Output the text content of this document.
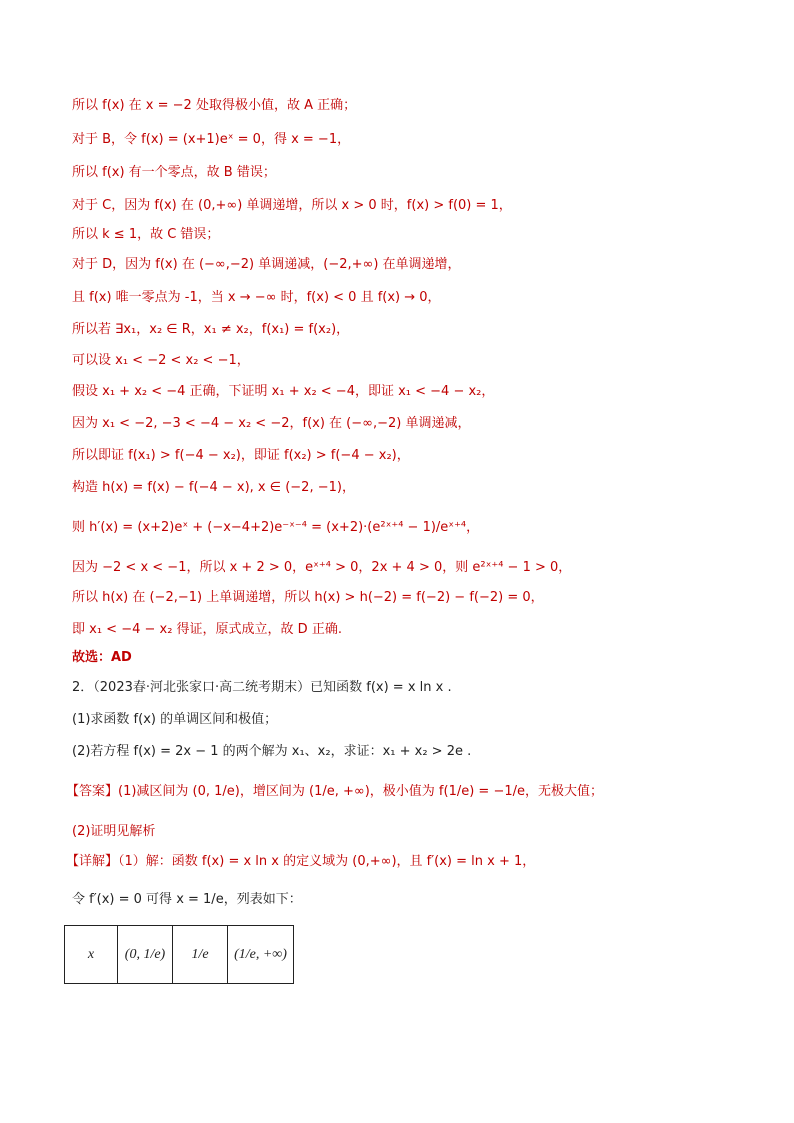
所以 f(x) 在 x = −2 处取得极小值，故 A 正确；
对于 B，令 f(x) = (x+1)eˣ = 0，得 x = −1，
所以 f(x) 有一个零点，故 B 错误；
对于 C，因为 f(x) 在 (0,+∞) 单调递增，所以 x > 0 时，f(x) > f(0) = 1，
所以 k ≤ 1，故 C 错误；
对于 D，因为 f(x) 在 (−∞,−2) 单调递减，(−2,+∞) 在单调递增，
且 f(x) 唯一零点为 -1，当 x → −∞ 时，f(x) < 0 且 f(x) → 0，
所以若 ∃x₁，x₂ ∈ R，x₁ ≠ x₂，f(x₁) = f(x₂)，
可以设 x₁ < −2 < x₂ < −1，
假设 x₁ + x₂ < −4 正确，下证明 x₁ + x₂ < −4，即证 x₁ < −4 − x₂，
因为 x₁ < −2, −3 < −4 − x₂ < −2，f(x) 在 (−∞,−2) 单调递减，
所以即证 f(x₁) > f(−4 − x₂)，即证 f(x₂) > f(−4 − x₂)，
构造 h(x) = f(x) − f(−4 − x), x ∈ (−2, −1)，
则 h′(x) = (x+2)eˣ + (−x−4+2)e⁻ˣ⁻⁴ = (x+2)·(e²ˣ⁺⁴ − 1)/eˣ⁺⁴，
因为 −2 < x < −1，所以 x + 2 > 0，eˣ⁺⁴ > 0，2x + 4 > 0，则 e²ˣ⁺⁴ − 1 > 0，
所以 h(x) 在 (−2,−1) 上单调递增，所以 h(x) > h(−2) = f(−2) − f(−2) = 0，
即 x₁ < −4 − x₂ 得证，原式成立，故 D 正确.
故选：AD
2．（2023春·河北张家口·高二统考期末）已知函数 f(x) = x ln x .
(1)求函数 f(x) 的单调区间和极值；
(2)若方程 f(x) = 2x − 1 的两个解为 x₁、x₂，求证：x₁ + x₂ > 2e .
【答案】(1)减区间为 (0, 1/e)，增区间为 (1/e, +∞)，极小值为 f(1/e) = −1/e，无极大值；
(2)证明见解析
【详解】（1）解：函数 f(x) = x ln x 的定义域为 (0,+∞)，且 f′(x) = ln x + 1，
令 f′(x) = 0 可得 x = 1/e，列表如下：
x	(0, 1/e)	1/e	(1/e, +∞)
